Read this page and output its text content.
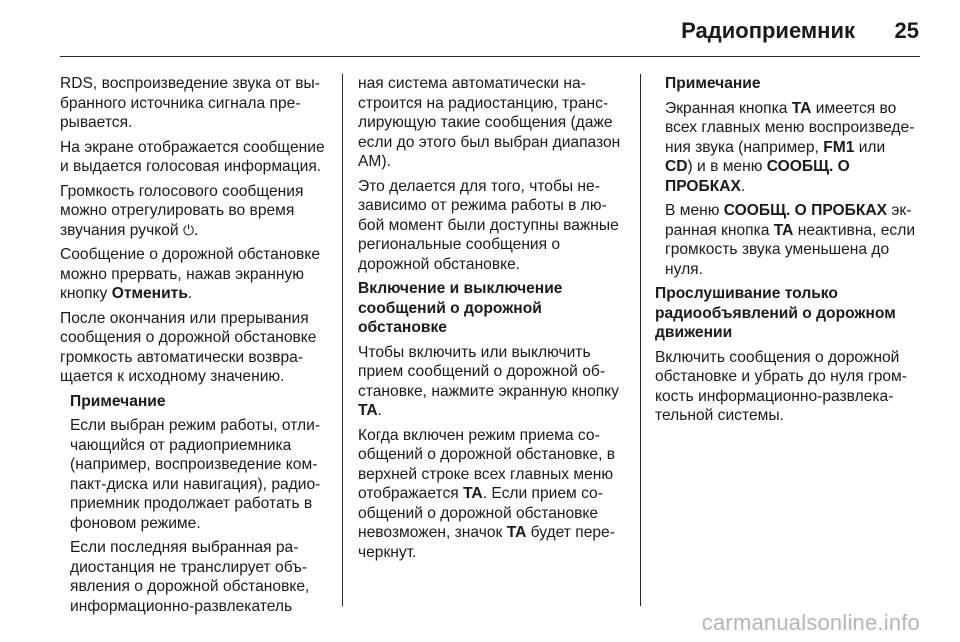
Радиоприемник 25

RDS, воспроизведение звука от выбранного источника сигнала прерывается.

На экране отображается сообщение и выдается голосовая информация.

Громкость голосового сообщения можно отрегулировать во время звучания ручкой ⏻.

Сообщение о дорожной обстановке можно прервать, нажав экранную кнопку Отменить.

После окончания или прерывания сообщения о дорожной обстановке громкость автоматически возвращается к исходному значению.

Примечание

Если выбран режим работы, отличающийся от радиоприемника (например, воспроизведение компакт-диска или навигация), радиоприемник продолжает работать в фоновом режиме.

Если последняя выбранная радиостанция не транслирует объявления о дорожной обстановке, информационно-развлекатель

ная система автоматически настроится на радиостанцию, транслирующую такие сообщения (даже если до этого был выбран диапазон AM).

Это делается для того, чтобы независимо от режима работы в любой момент были доступны важные региональные сообщения о дорожной обстановке.

Включение и выключение
сообщений о дорожной обстановке

Чтобы включить или выключить прием сообщений о дорожной обстановке, нажмите экранную кнопку TA.

Когда включен режим приема сообщений о дорожной обстановке, в верхней строке всех главных меню отображается TA. Если прием сообщений о дорожной обстановке невозможен, значок TA будет перечеркнут.

Примечание

Экранная кнопка TA имеется во всех главных меню воспроизведения звука (например, FM1 или
CD) и в меню СООБЩ. О ПРОБКАХ.

В меню СООБЩ. О ПРОБКАХ экранная кнопка TA неактивна, если громкость звука уменьшена до нуля.

Прослушивание только
радиообъявлений о дорожном
движении

Включить сообщения о дорожной обстановке и убрать до нуля громкость информационно-развлекательной системы.

carmanualsonline.info
